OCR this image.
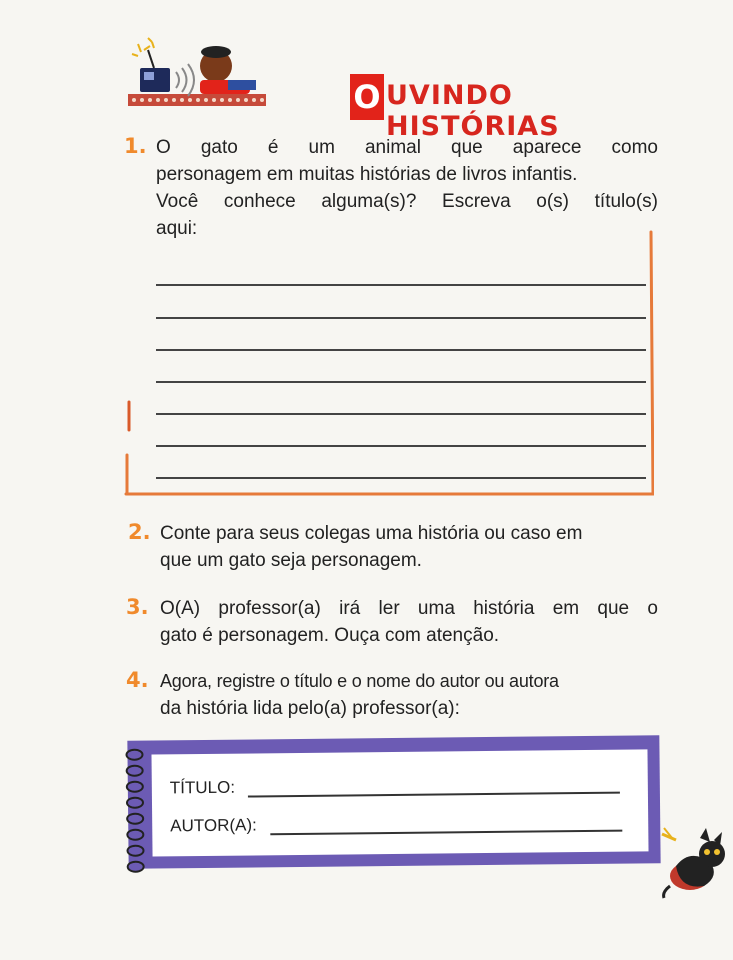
O UVINDO HISTÓRIAS
1. O gato é um animal que aparece como
personagem em muitas histórias de livros infantis.
Você conhece alguma(s)? Escreva o(s) título(s)
aqui:
2. Conte para seus colegas uma história ou caso em
que um gato seja personagem.
3. O(A) professor(a) irá ler uma história em que o
gato é personagem. Ouça com atenção.
4. Agora, registre o título e o nome do autor ou autora
da história lida pelo(a) professor(a):
TÍTULO:
AUTOR(A):
